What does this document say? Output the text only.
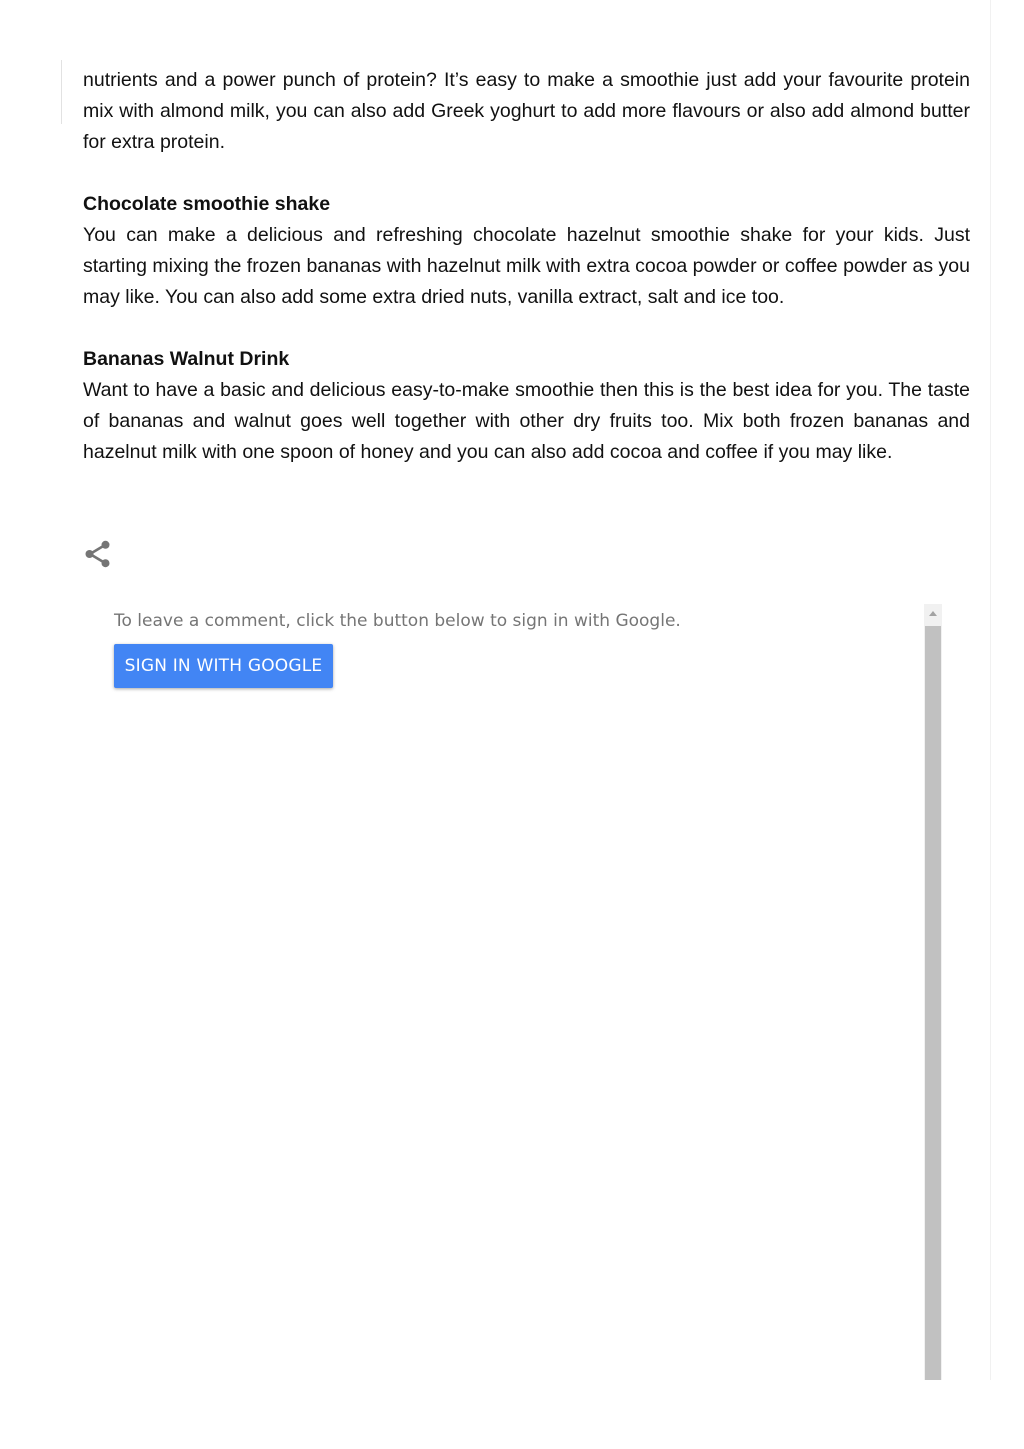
nutrients and a power punch of protein? It’s easy to make a smoothie just add your favourite protein mix with almond milk, you can also add Greek yoghurt to add more flavours or also add almond butter for extra protein.

Chocolate smoothie shake

You can make a delicious and refreshing chocolate hazelnut smoothie shake for your kids. Just starting mixing the frozen bananas with hazelnut milk with extra cocoa powder or coffee powder as you may like. You can also add some extra dried nuts, vanilla extract, salt and ice too.

Bananas Walnut Drink

Want to have a basic and delicious easy-to-make smoothie then this is the best idea for you. The taste of bananas and walnut goes well together with other dry fruits too. Mix both frozen bananas and hazelnut milk with one spoon of honey and you can also add cocoa and coffee if you may like.

To leave a comment, click the button below to sign in with Google.
SIGN IN WITH GOOGLE
